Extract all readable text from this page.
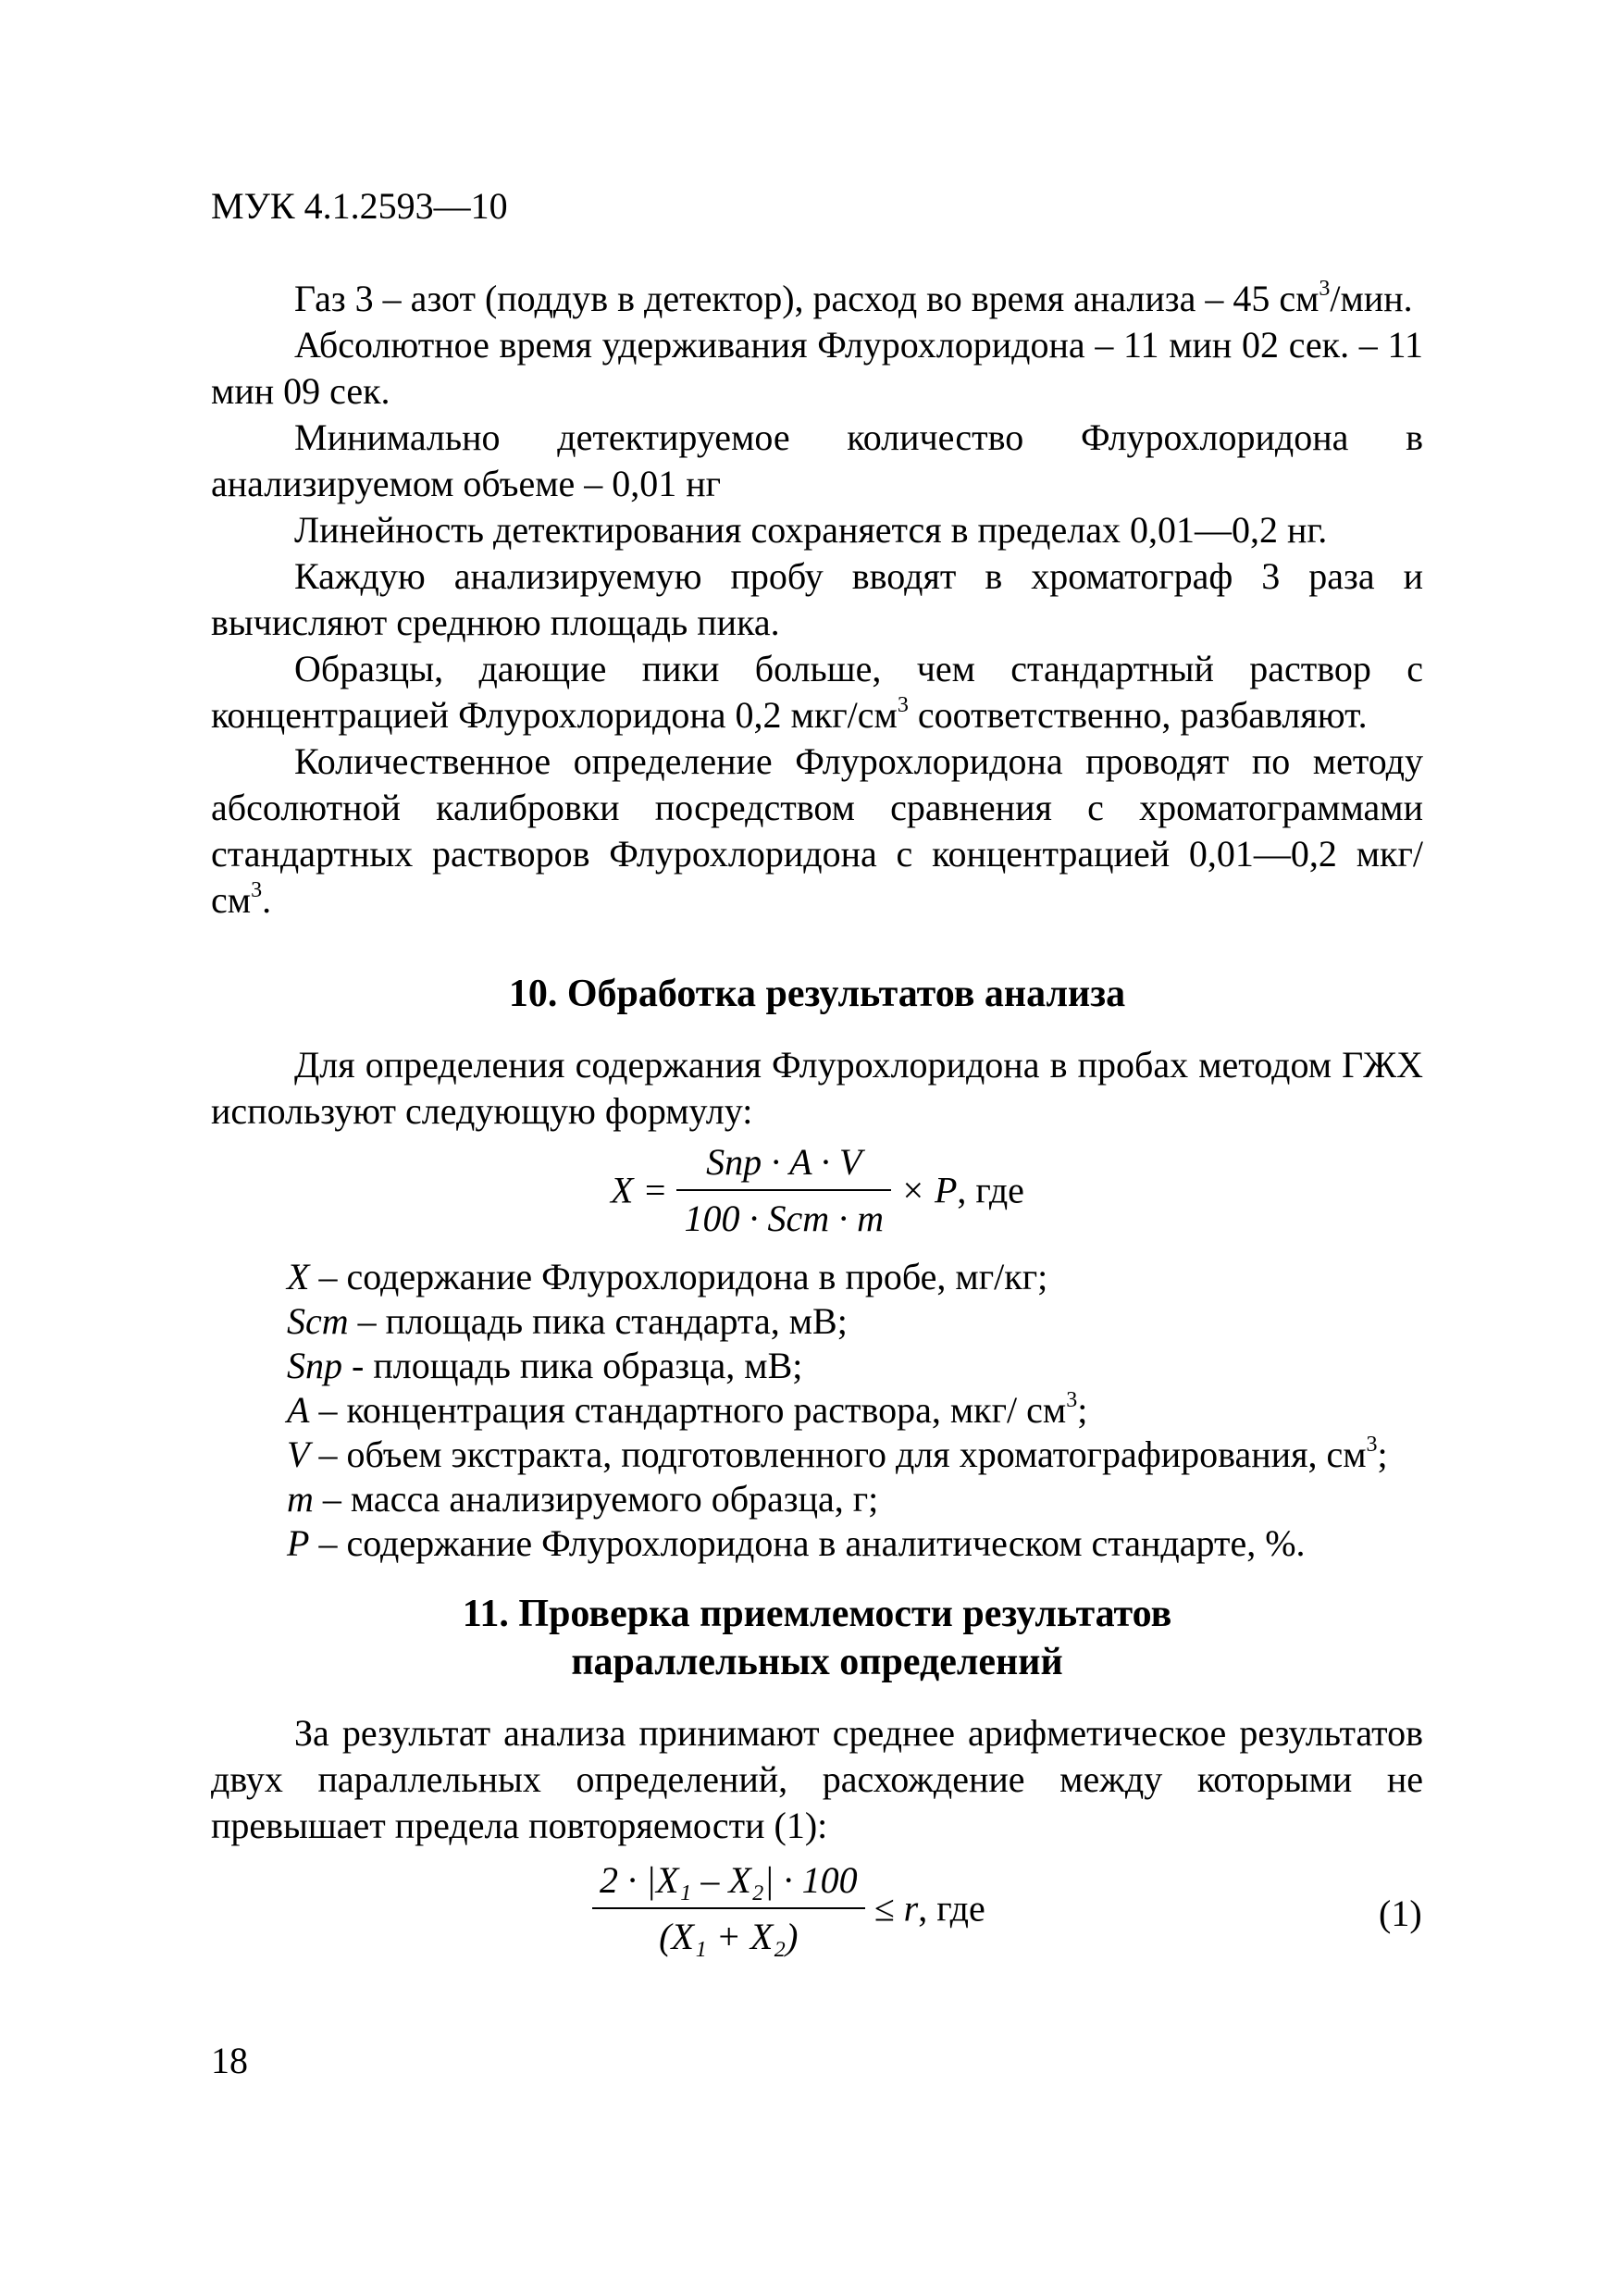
МУК 4.1.2593—10

Газ 3 – азот (поддув в детектор), расход во время анализа – 45 $см^3$/мин.

Абсолютное время удерживания Флурохлоридона – 11 мин 02 сек. – 11 мин 09 сек.

Минимально детектируемое количество Флурохлоридона в анализируемом объеме – 0,01 нг

Линейность детектирования сохраняется в пределах 0,01—0,2 нг.

Каждую анализируемую пробу вводят в хроматограф 3 раза и вычисляют среднюю площадь пика.

Образцы, дающие пики больше, чем стандартный раствор с концентрацией Флурохлоридона 0,2 мкг/$см^3$ соответственно, разбавляют.

Количественное определение Флурохлоридона проводят по методу абсолютной калибровки посредством сравнения с хроматограммами стандартных растворов Флурохлоридона с концентрацией 0,01—0,2 мкг/$см^3$.

10. Обработка результатов анализа

Для определения содержания Флурохлоридона в пробах методом ГЖХ используют следующую формулу:

$X = \frac{\text{Sпр · A · V}}{\text{100 · Sст · m}} \times P$, где

X – содержание Флурохлоридона в пробе, мг/кг;

Scm – площадь пика стандарта, мВ;

Snp - площадь пика образца, мВ;

A – концентрация стандартного раствора, мкг/ $см^3$;

V – объем экстракта, подготовленного для хроматографирования, $см^3$;

m – масса анализируемого образца, г;

P – содержание Флурохлоридона в аналитическом стандарте, %.

11. Проверка приемлемости результатов

параллельных определений

За результат анализа принимают среднее арифметическое результатов двух параллельных определений, расхождение между которыми не превышает предела повторяемости (1):

$\frac{\text{2 · |X₁ – X₂| · 100}}{\text{(X₁ + X₂)}} \le r$, где	(1)
18
